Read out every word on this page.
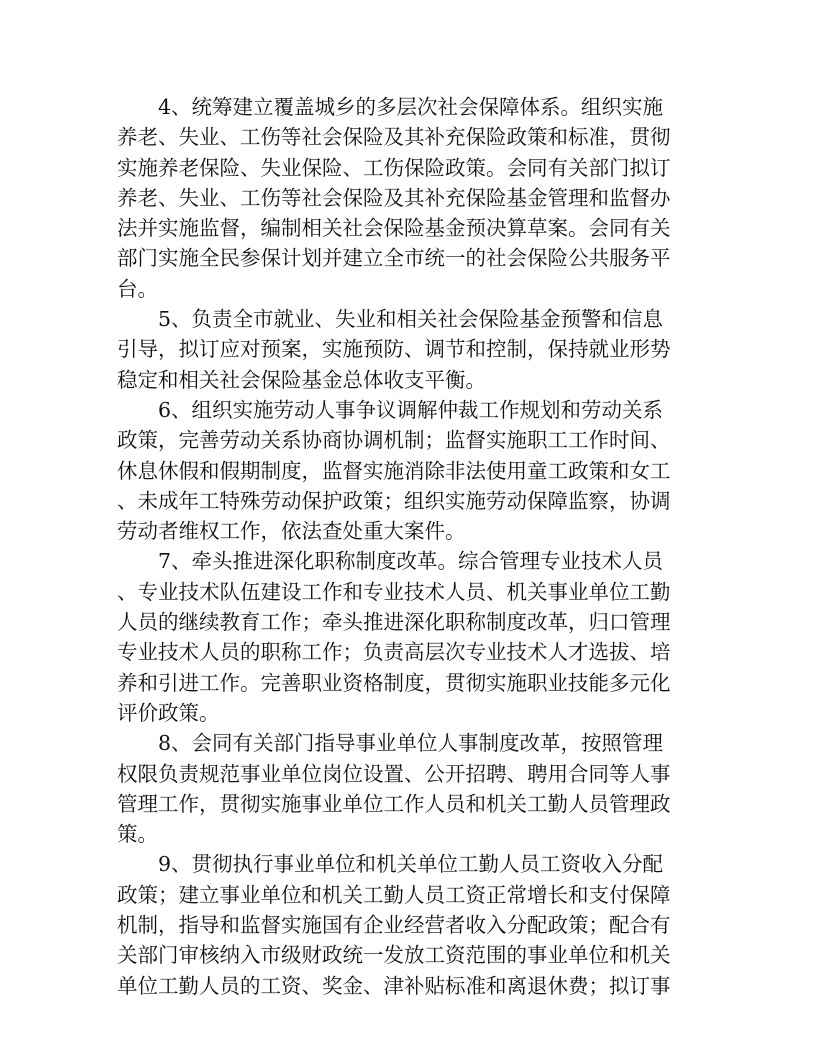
4、统筹建立覆盖城乡的多层次社会保障体系。组织实施
养老、失业、工伤等社会保险及其补充保险政策和标准，贯彻
实施养老保险、失业保险、工伤保险政策。会同有关部门拟订
养老、失业、工伤等社会保险及其补充保险基金管理和监督办
法并实施监督，编制相关社会保险基金预决算草案。会同有关
部门实施全民参保计划并建立全市统一的社会保险公共服务平
台。
5、负责全市就业、失业和相关社会保险基金预警和信息
引导，拟订应对预案，实施预防、调节和控制，保持就业形势
稳定和相关社会保险基金总体收支平衡。
6、组织实施劳动人事争议调解仲裁工作规划和劳动关系
政策，完善劳动关系协商协调机制；监督实施职工工作时间、
休息休假和假期制度，监督实施消除非法使用童工政策和女工
、未成年工特殊劳动保护政策；组织实施劳动保障监察，协调
劳动者维权工作，依法查处重大案件。
7、牵头推进深化职称制度改革。综合管理专业技术人员
、专业技术队伍建设工作和专业技术人员、机关事业单位工勤
人员的继续教育工作；牵头推进深化职称制度改革，归口管理
专业技术人员的职称工作；负责高层次专业技术人才选拔、培
养和引进工作。完善职业资格制度，贯彻实施职业技能多元化
评价政策。
8、会同有关部门指导事业单位人事制度改革，按照管理
权限负责规范事业单位岗位设置、公开招聘、聘用合同等人事
管理工作，贯彻实施事业单位工作人员和机关工勤人员管理政
策。
9、贯彻执行事业单位和机关单位工勤人员工资收入分配
政策；建立事业单位和机关工勤人员工资正常增长和支付保障
机制，指导和监督实施国有企业经营者收入分配政策；配合有
关部门审核纳入市级财政统一发放工资范围的事业单位和机关
单位工勤人员的工资、奖金、津补贴标准和离退休费；拟订事
